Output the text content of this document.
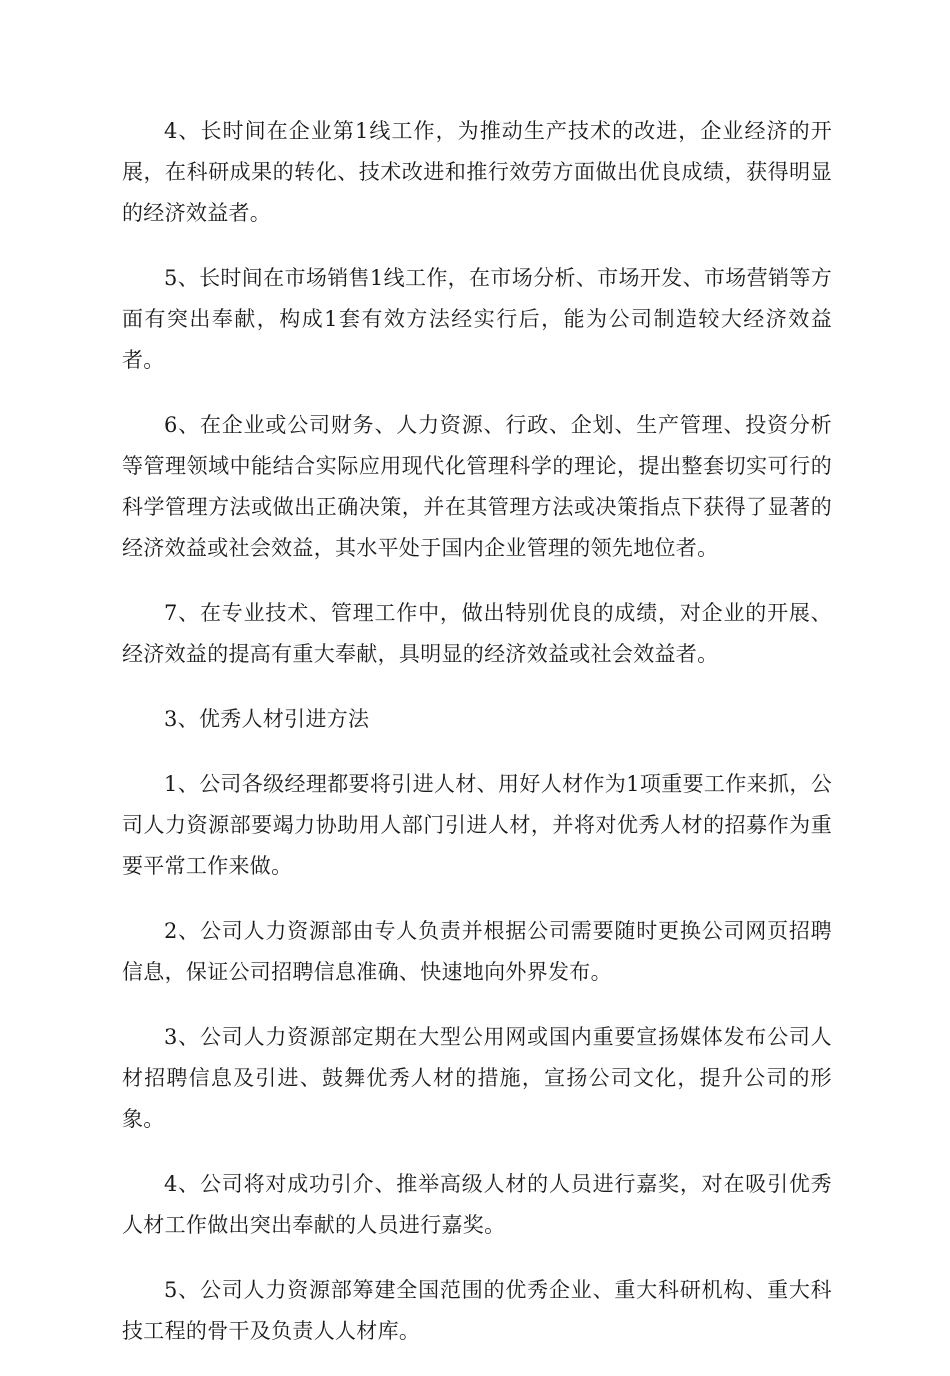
4、长时间在企业第1线工作，为推动生产技术的改进，企业经济的开展，在科研成果的转化、技术改进和推行效劳方面做出优良成绩，获得明显的经济效益者。

5、长时间在市场销售1线工作，在市场分析、市场开发、市场营销等方面有突出奉献，构成1套有效方法经实行后，能为公司制造较大经济效益者。

6、在企业或公司财务、人力资源、行政、企划、生产管理、投资分析等管理领域中能结合实际应用现代化管理科学的理论，提出整套切实可行的科学管理方法或做出正确决策，并在其管理方法或决策指点下获得了显著的经济效益或社会效益，其水平处于国内企业管理的领先地位者。

7、在专业技术、管理工作中，做出特别优良的成绩，对企业的开展、经济效益的提高有重大奉献，具明显的经济效益或社会效益者。

3、优秀人材引进方法

1、公司各级经理都要将引进人材、用好人材作为1项重要工作来抓，公司人力资源部要竭力协助用人部门引进人材，并将对优秀人材的招募作为重要平常工作来做。

2、公司人力资源部由专人负责并根据公司需要随时更换公司网页招聘信息，保证公司招聘信息准确、快速地向外界发布。

3、公司人力资源部定期在大型公用网或国内重要宣扬媒体发布公司人材招聘信息及引进、鼓舞优秀人材的措施，宣扬公司文化，提升公司的形象。

4、公司将对成功引介、推举高级人材的人员进行嘉奖，对在吸引优秀人材工作做出突出奉献的人员进行嘉奖。

5、公司人力资源部筹建全国范围的优秀企业、重大科研机构、重大科技工程的骨干及负责人人材库。
